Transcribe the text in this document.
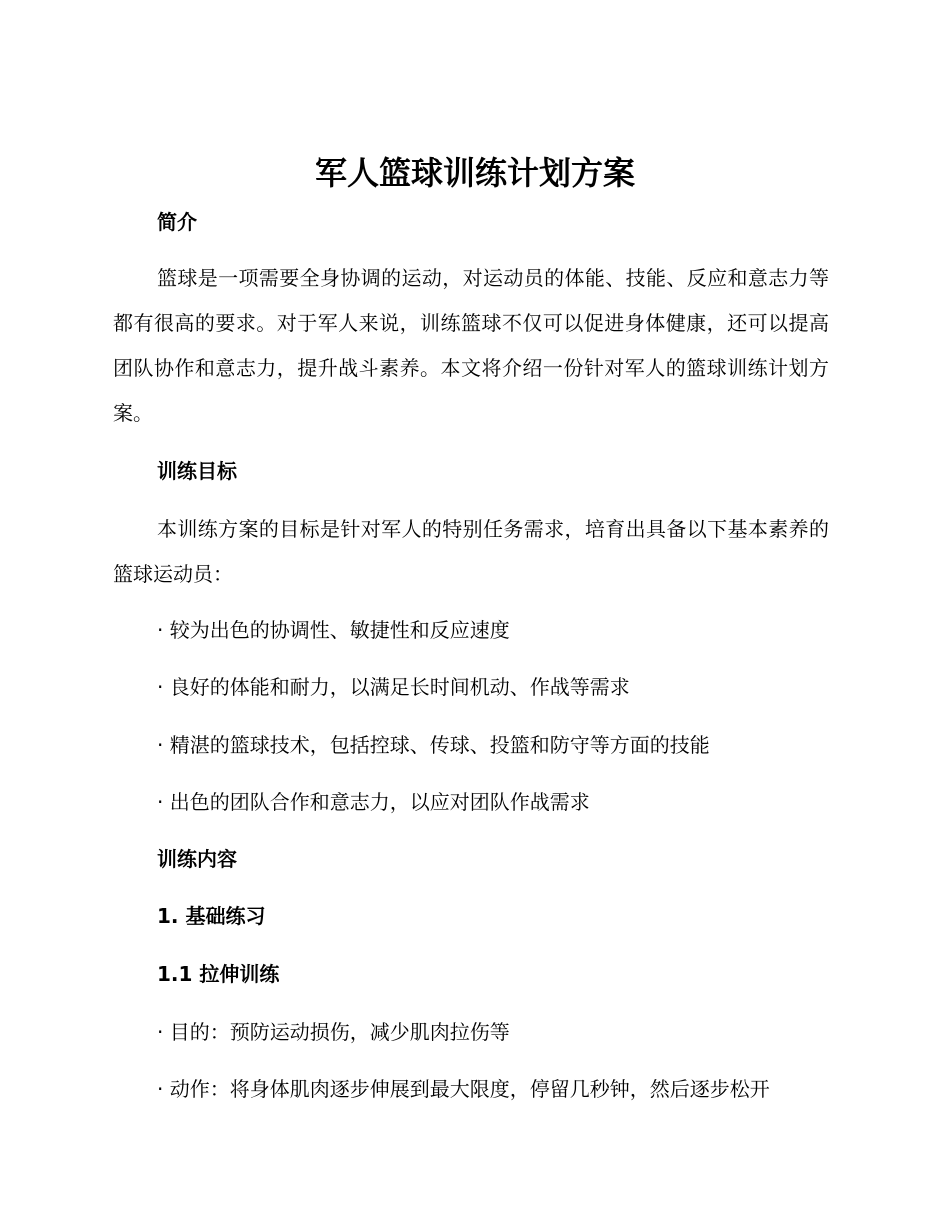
军人篮球训练计划方案
简介

篮球是一项需要全身协调的运动，对运动员的体能、技能、反应和意志力等都有很高的要求。对于军人来说，训练篮球不仅可以促进身体健康，还可以提高团队协作和意志力，提升战斗素养。本文将介绍一份针对军人的篮球训练计划方案。

训练目标

本训练方案的目标是针对军人的特别任务需求，培育出具备以下基本素养的篮球运动员：

· 较为出色的协调性、敏捷性和反应速度

· 良好的体能和耐力，以满足长时间机动、作战等需求

· 精湛的篮球技术，包括控球、传球、投篮和防守等方面的技能

· 出色的团队合作和意志力，以应对团队作战需求

训练内容
1. 基础练习
1.1 拉伸训练

· 目的：预防运动损伤，减少肌肉拉伤等

· 动作：将身体肌肉逐步伸展到最大限度，停留几秒钟，然后逐步松开
